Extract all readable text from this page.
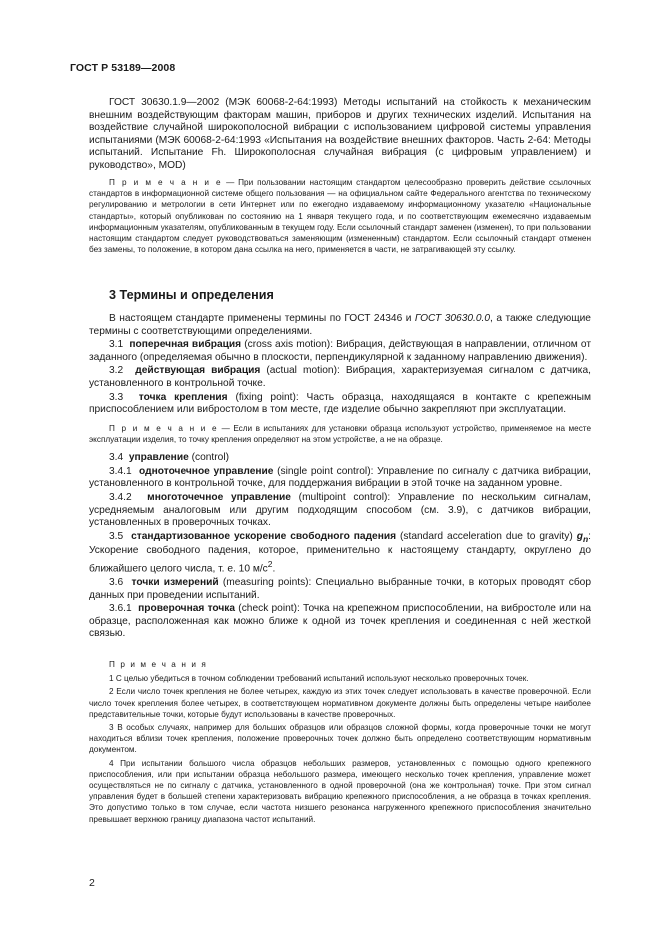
ГОСТ Р 53189—2008

ГОСТ 30630.1.9—2002 (МЭК 60068-2-64:1993) Методы испытаний на стойкость к механическим внешним воздействующим факторам машин, приборов и других технических изделий. Испытания на воздействие случайной широкополосной вибрации с использованием цифровой системы управления испытаниями (МЭК 60068-2-64:1993 «Испытания на воздействие внешних факторов. Часть 2-64: Методы испытаний. Испытание Fh. Широкополосная случайная вибрация (с цифровым управлением) и руководство», MOD)

П р и м е ч а н и е — При пользовании настоящим стандартом целесообразно проверить действие ссылочных стандартов в информационной системе общего пользования — на официальном сайте Федерального агентства по техническому регулированию и метрологии в сети Интернет или по ежегодно издаваемому информационному указателю «Национальные стандарты», который опубликован по состоянию на 1 января текущего года, и по соответствующим ежемесячно издаваемым информационным указателям, опубликованным в текущем году. Если ссылочный стандарт заменен (изменен), то при пользовании настоящим стандартом следует руководствоваться заменяющим (измененным) стандартом. Если ссылочный стандарт отменен без замены, то положение, в котором дана ссылка на него, применяется в части, не затрагивающей эту ссылку.

3 Термины и определения

В настоящем стандарте применены термины по ГОСТ 24346 и ГОСТ 30630.0.0, а также следующие термины с соответствующими определениями.

3.1 поперечная вибрация (cross axis motion): Вибрация, действующая в направлении, отличном от заданного (определяемая обычно в плоскости, перпендикулярной к заданному направлению движения).

3.2 действующая вибрация (actual motion): Вибрация, характеризуемая сигналом с датчика, установленного в контрольной точке.

3.3 точка крепления (fixing point): Часть образца, находящаяся в контакте с крепежным приспособлением или вибростолом в том месте, где изделие обычно закрепляют при эксплуатации.

П р и м е ч а н и е — Если в испытаниях для установки образца используют устройство, применяемое на месте эксплуатации изделия, то точку крепления определяют на этом устройстве, а не на образце.

3.4 управление (control)

3.4.1 одноточечное управление (single point control): Управление по сигналу с датчика вибрации, установленного в контрольной точке, для поддержания вибрации в этой точке на заданном уровне.

3.4.2 многоточечное управление (multipoint control): Управление по нескольким сигналам, усредняемым аналоговым или другим подходящим способом (см. 3.9), с датчиков вибрации, установленных в проверочных точках.

3.5 стандартизованное ускорение свободного падения (standard acceleration due to gravity) $g_n$: Ускорение свободного падения, которое, применительно к настоящему стандарту, округлено до ближайшего целого числа, т. е. 10 $м/с^2$.

3.6 точки измерений (measuring points): Специально выбранные точки, в которых проводят сбор данных при проведении испытаний.

3.6.1 проверочная точка (check point): Точка на крепежном приспособлении, на вибростоле или на образце, расположенная как можно ближе к одной из точек крепления и соединенная с ней жесткой связью.

П р и м е ч а н и я

1 С целью убедиться в точном соблюдении требований испытаний используют несколько проверочных точек.

2 Если число точек крепления не более четырех, каждую из этих точек следует использовать в качестве проверочной. Если число точек крепления более четырех, в соответствующем нормативном документе должны быть определены четыре наиболее представительные точки, которые будут использованы в качестве проверочных.

3 В особых случаях, например для больших образцов или образцов сложной формы, когда проверочные точки не могут находиться вблизи точек крепления, положение проверочных точек должно быть определено соответствующим нормативным документом.

4 При испытании большого числа образцов небольших размеров, установленных с помощью одного крепежного приспособления, или при испытании образца небольшого размера, имеющего несколько точек крепления, управление может осуществляться не по сигналу с датчика, установленного в одной проверочной (она же контрольная) точке. При этом сигнал управления будет в большей степени характеризовать вибрацию крепежного приспособления, а не образца в точках крепления. Это допустимо только в том случае, если частота низшего резонанса нагруженного крепежного приспособления значительно превышает верхнюю границу диапазона частот испытаний.

2
